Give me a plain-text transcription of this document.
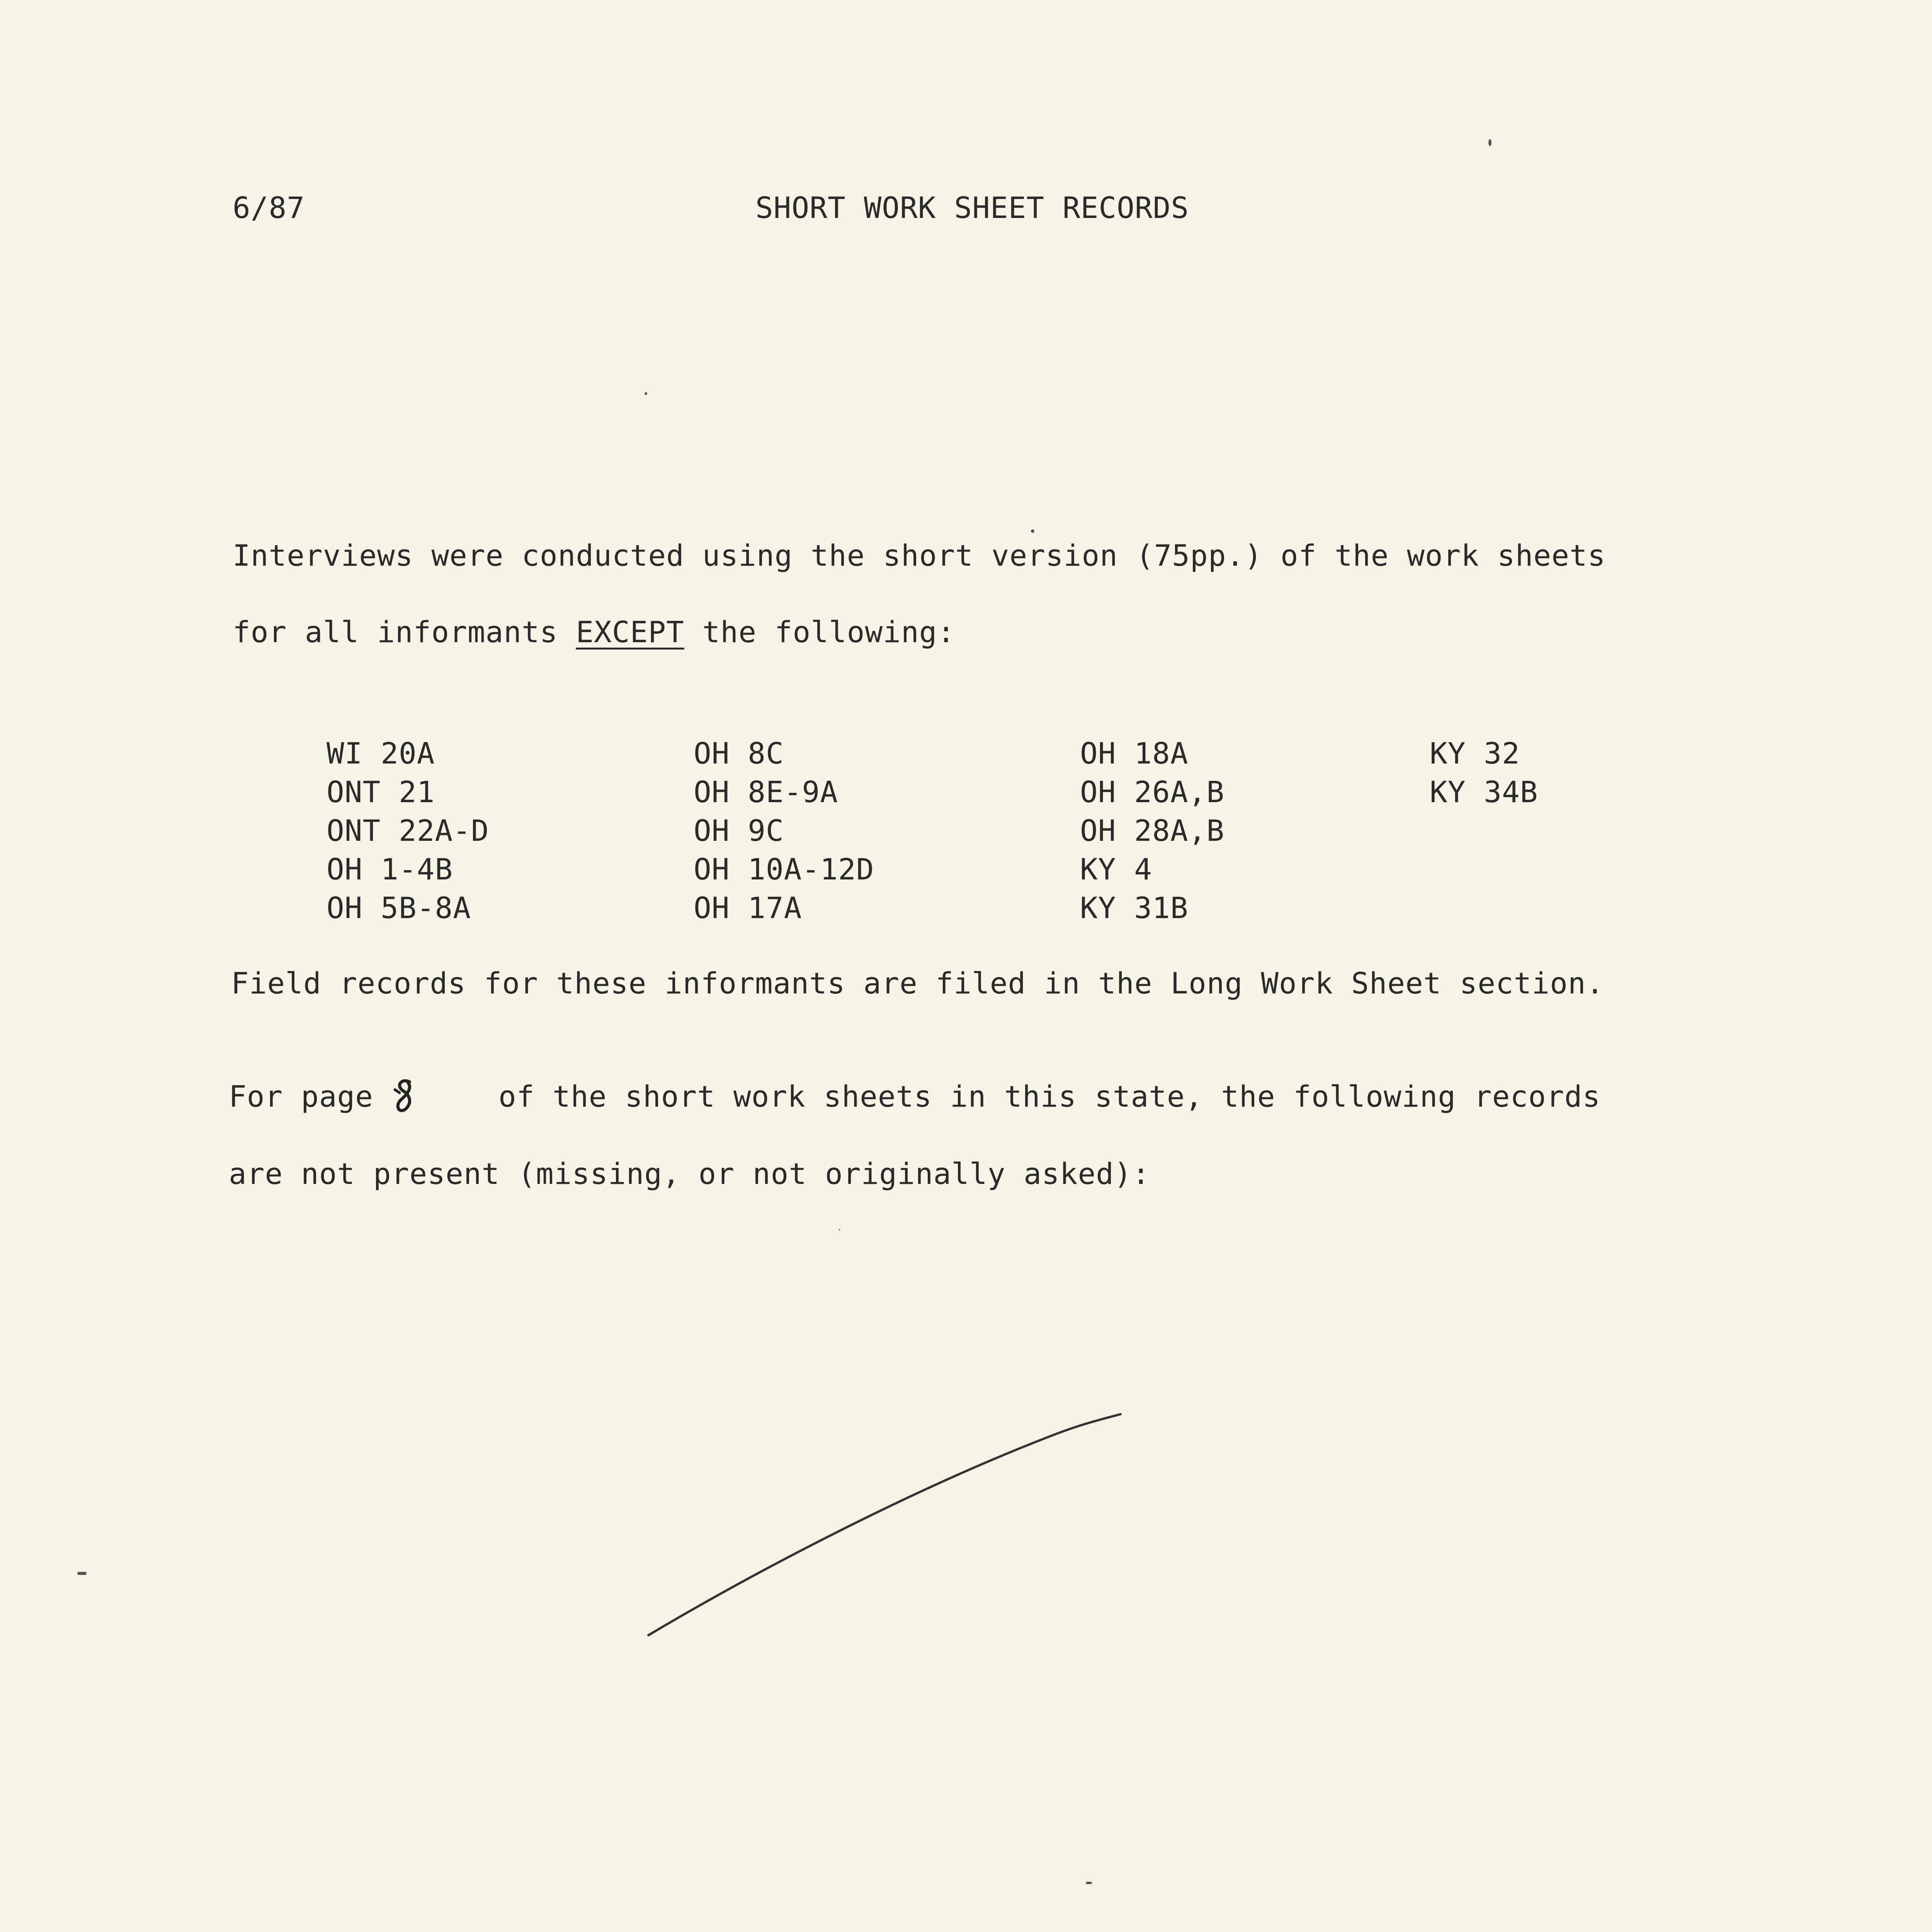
6/87	SHORT WORK SHEET RECORDS
Interviews were conducted using the short version (75pp.) of the work sheets
for all informants EXCEPT the following:
WI 20A
ONT 21
ONT 22A-D
OH 1-4B
OH 5B-8A
OH 8C
OH 8E-9A
OH 9C
OH 10A-12D
OH 17A
OH 18A
OH 26A,B
OH 28A,B
KY 4
KY 31B
KY 32
KY 34B
Field records for these informants are filed in the Long Work Sheet section.
For page	of the short work sheets in this state, the following records
are not present (missing, or not originally asked):
